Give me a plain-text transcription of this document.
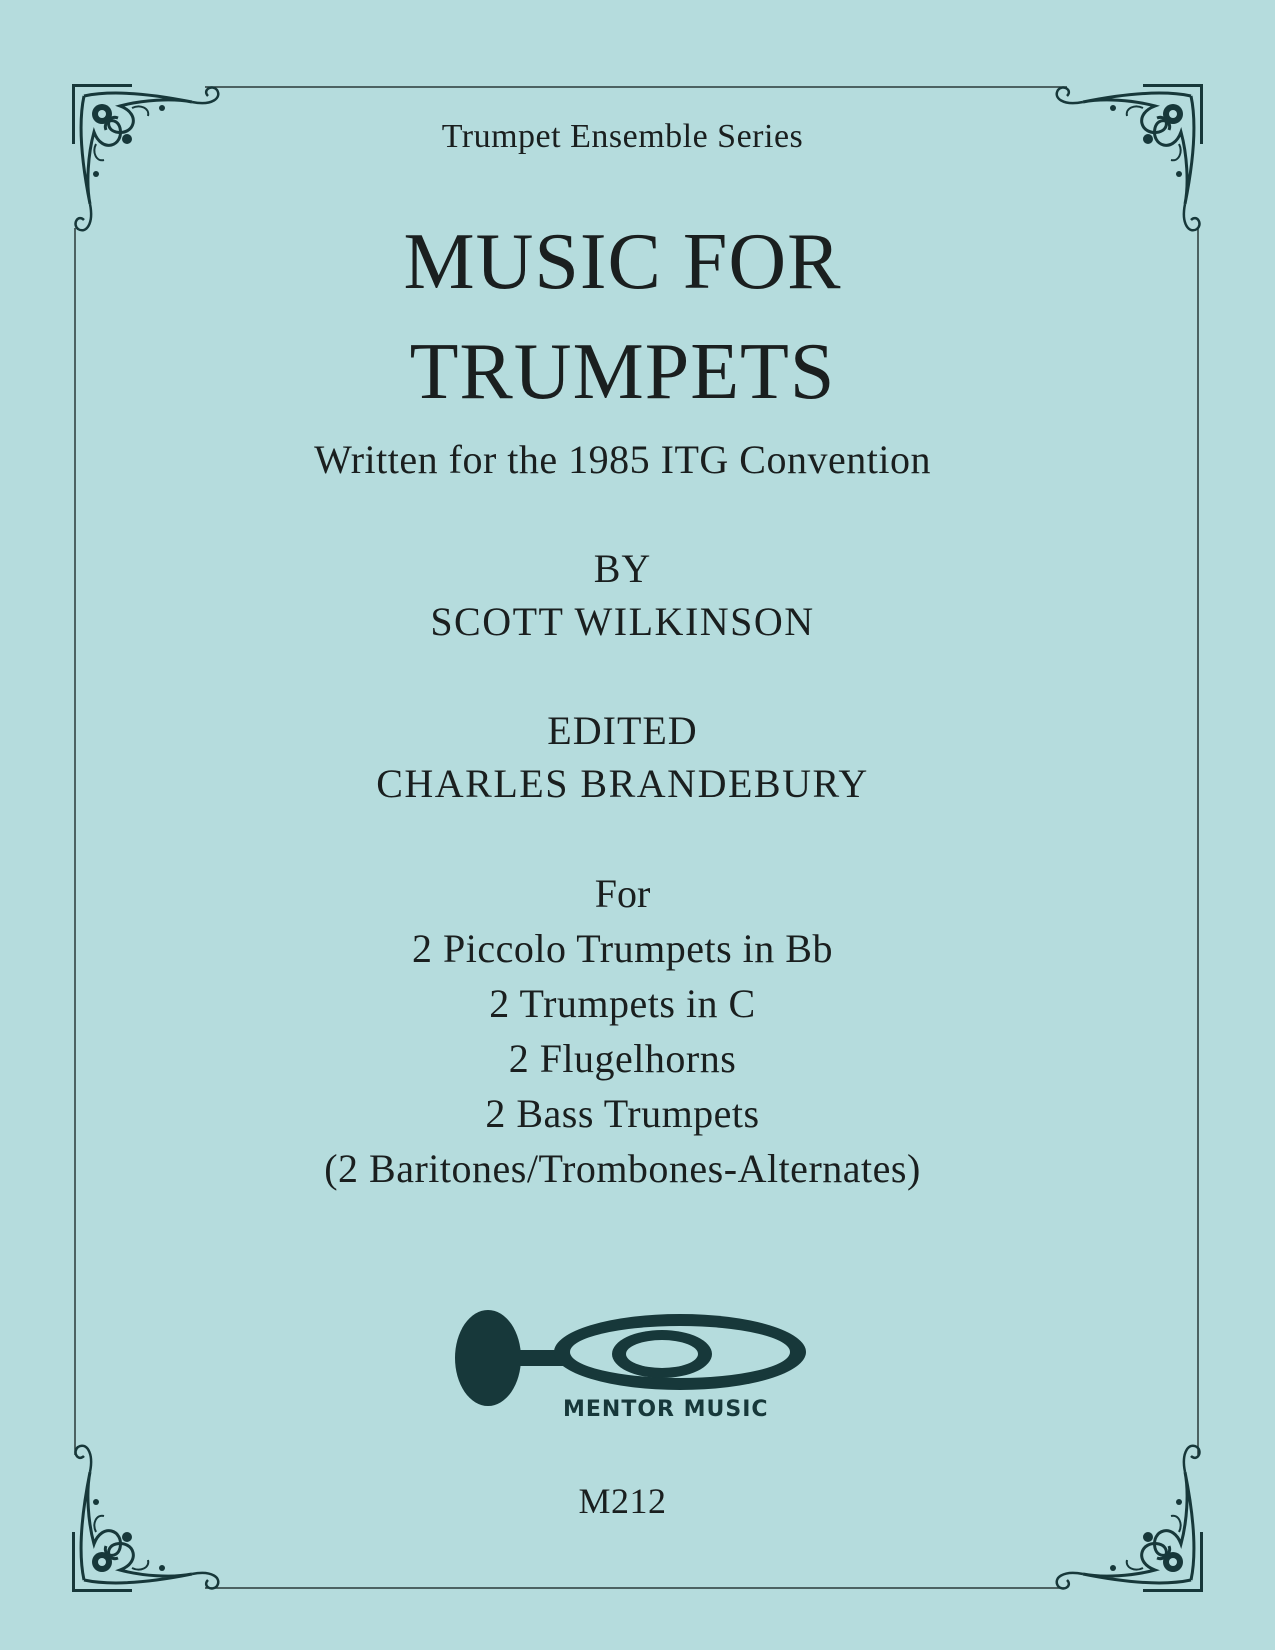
Trumpet Ensemble Series
MUSIC FOR
TRUMPETS
Written for the 1985 ITG Convention
BY
SCOTT WILKINSON
EDITED
CHARLES BRANDEBURY
For
2 Piccolo Trumpets in Bb
2 Trumpets in C
2 Flugelhorns
2 Bass Trumpets
(2 Baritones/Trombones-Alternates)
MENTOR MUSIC
M212
